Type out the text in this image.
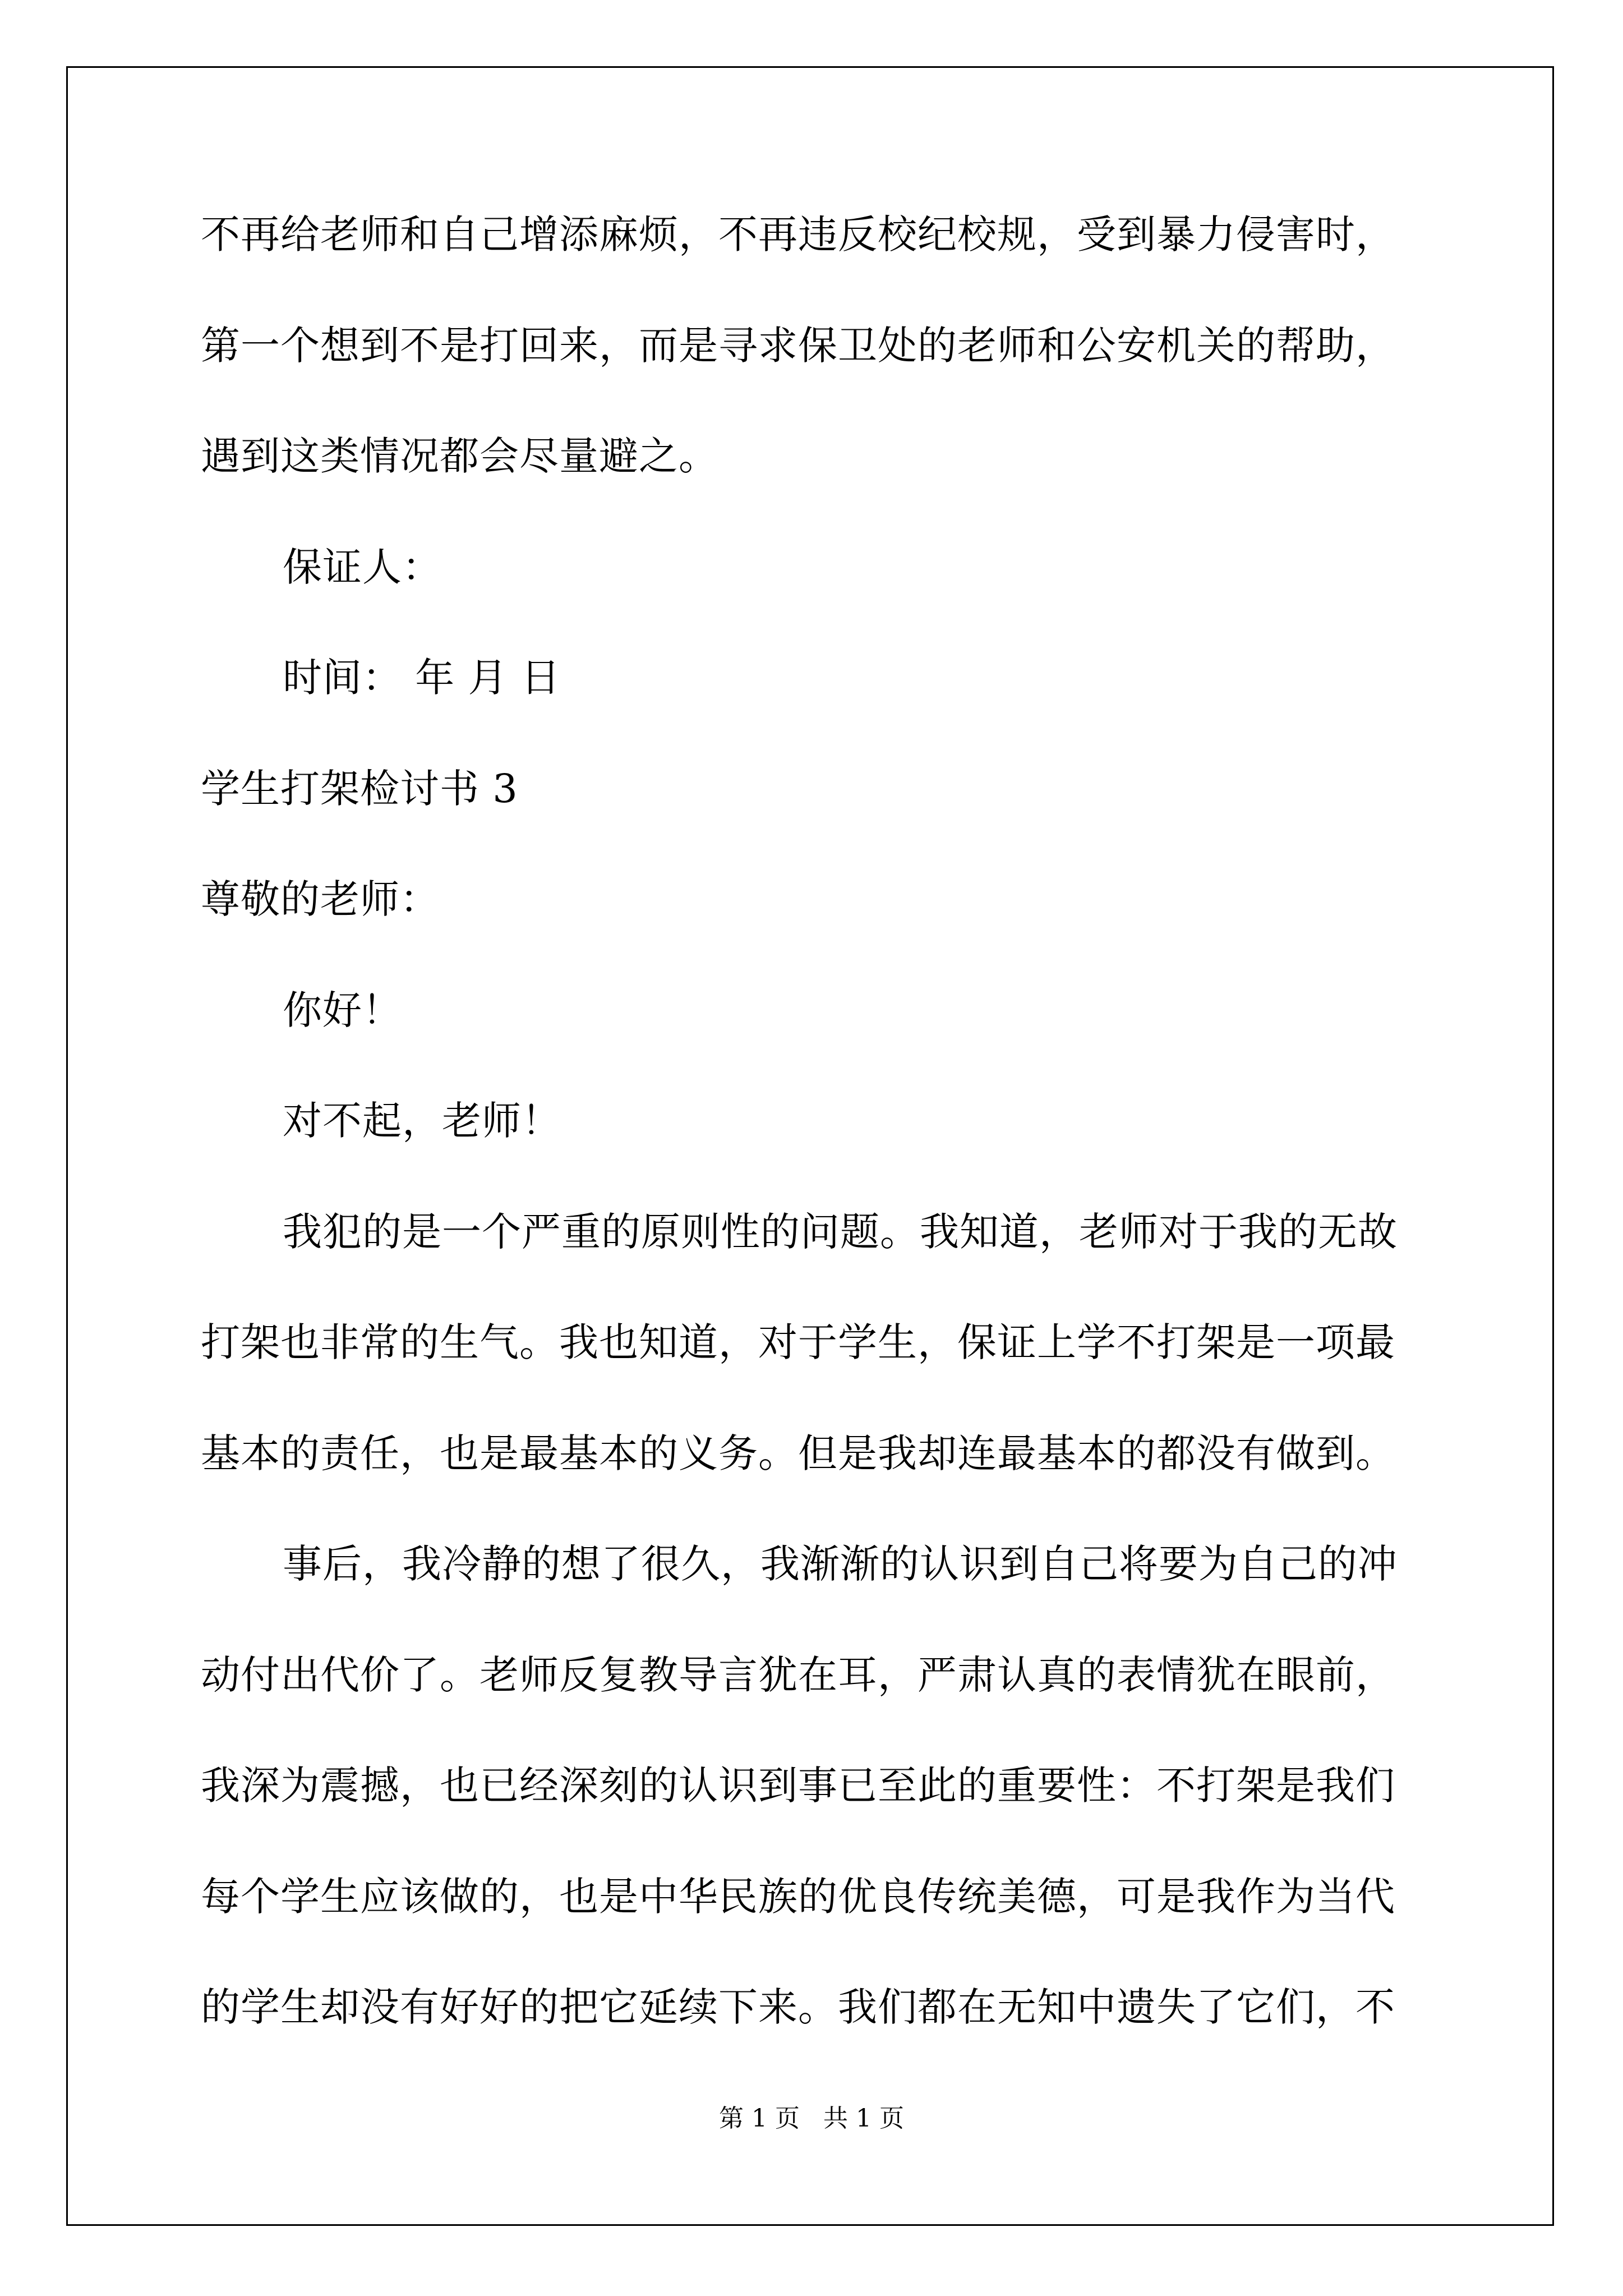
不再给老师和自己增添麻烦，不再违反校纪校规，受到暴力侵害时，
第一个想到不是打回来，而是寻求保卫处的老师和公安机关的帮助，
遇到这类情况都会尽量避之。
保证人：
时间： 年 月 日
学生打架检讨书 3
尊敬的老师：
你好！
对不起，老师！
我犯的是一个严重的原则性的问题。我知道，老师对于我的无故
打架也非常的生气。我也知道，对于学生，保证上学不打架是一项最
基本的责任，也是最基本的义务。但是我却连最基本的都没有做到。
事后，我冷静的想了很久，我渐渐的认识到自己将要为自己的冲
动付出代价了。老师反复教导言犹在耳，严肃认真的表情犹在眼前，
我深为震撼，也已经深刻的认识到事已至此的重要性：不打架是我们
每个学生应该做的，也是中华民族的优良传统美德，可是我作为当代
的学生却没有好好的把它延续下来。我们都在无知中遗失了它们，不
第 1 页   共 1 页
